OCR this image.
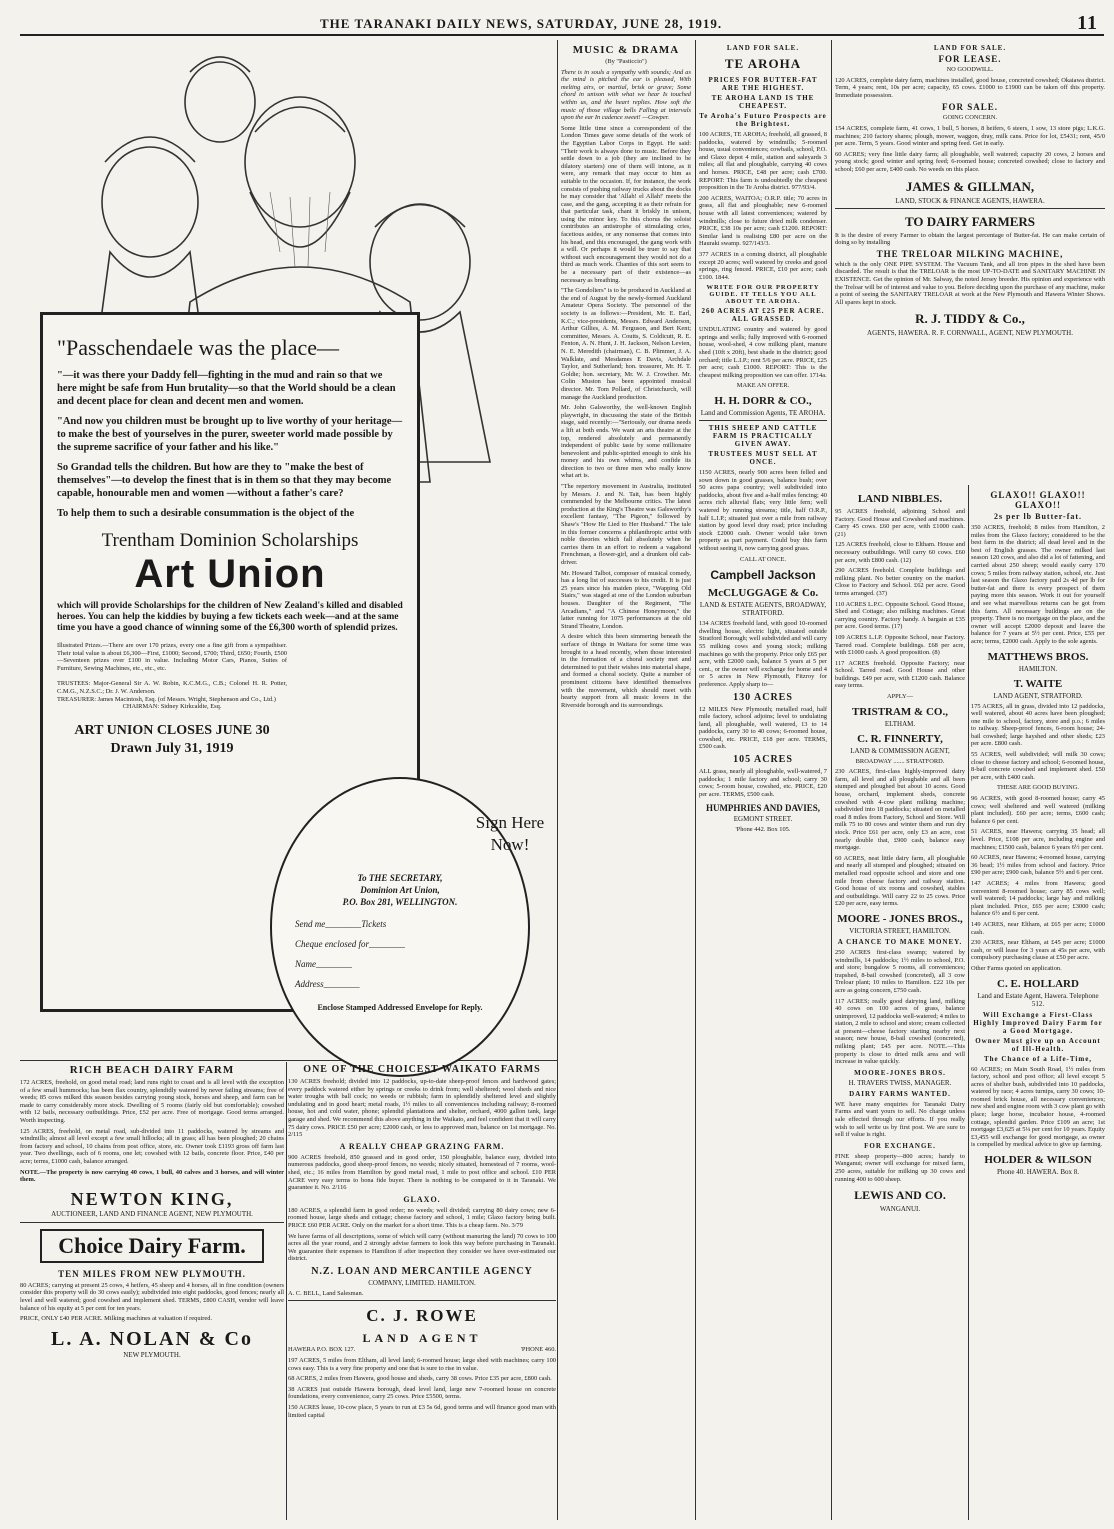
THE TARANAKI DAILY NEWS, SATURDAY, JUNE 28, 1919.	11
"Passchendaele was the place—

"—it was there your Daddy fell—fighting in the mud and rain so that we here might be safe from Hun brutality—so that the World should be a clean and decent place for clean and decent men and women.

"And now you children must be brought up to live worthy of your heritage—to make the best of yourselves in the purer, sweeter world made possible by the supreme sacrifice of your father and his like."

So Grandad tells the children. But how are they to "make the best of themselves"—to develop the finest that is in them so that they may become capable, honourable men and women —without a father's care?

To help them to such a desirable consummation is the object of the

Trentham Dominion Scholarships
Art Union
which will provide Scholarships for the children of New Zealand's killed and disabled heroes. You can help the kiddies by buying a few tickets each week—and at the same time you have a good chance of winning some of the £6,300 worth of splendid prizes.
Illustrated Prizes.—There are over 170 prizes, every one a fine gift from a sympathiser. Their total value is about £6,300—First, £1000; Second, £700; Third, £650; Fourth, £500—Seventeen prizes over £100 in value. Including Motor Cars, Pianos, Suites of Furniture, Sewing Machines, etc., etc., etc.
TRUSTEES: Major-General Sir A. W. Robin, K.C.M.G., C.B.; Colonel H. R. Potter, C.M.G., N.Z.S.C.; Dr. J. W. Anderson.
TREASURER: James Macintosh, Esq. (of Messrs. Wright, Stephenson and Co., Ltd.)
CHAIRMAN: Sidney Kirkcaldie, Esq.
ART UNION CLOSES JUNE 30
Drawn July 31, 1919
To THE SECRETARY,
Dominion Art Union,
P.O. Box 281, WELLINGTON.
Send me________Tickets
Cheque enclosed for________
Name________
Address________
Enclose Stamped Addressed Envelope for Reply.
Sign Here Now!
RICH BEACH DAIRY FARM
172 ACRES, freehold, on good metal road; land runs right to coast and is all level with the exception of a few small hummocks; has been flax country, splendidly watered by never failing streams; free of weeds; 85 cows milked this season besides carrying young stock, horses and sheep, and farm can be made to carry considerably more stock. Dwelling of 5 rooms (fairly old but comfortable); cowshed with 12 bails, necessary outbuildings. Price, £52 per acre. Free of mortgage. Good terms arranged. Worth inspecting.
125 ACRES, freehold, on metal road, sub-divided into 11 paddocks, watered by streams and windmills; almost all level except a few small hillocks; all in grass; all has been ploughed; 20 chains from factory and school, 10 chains from post office, store, etc. Owner took £1193 gross off farm last year. Two dwellings, each of 6 rooms, one let; cowshed with 12 bails, concrete floor. Price, £40 per acre; terms, £1000 cash, balance arranged.
NOTE.—The property is now carrying 40 cows, 1 bull, 40 calves and 3 horses, and will winter them.
NEWTON KING,
AUCTIONEER, LAND AND FINANCE AGENT, NEW PLYMOUTH.
Choice Dairy Farm.
TEN MILES FROM NEW PLYMOUTH.
80 ACRES; carrying at present 25 cows, 4 heifers, 45 sheep and 4 horses, all in fine condition (owners consider this property will do 30 cows easily); subdivided into eight paddocks, good fences; nearly all level and well watered; good cowshed and implement shed. TERMS, £800 CASH, vendor will leave balance of his equity at 5 per cent for ten years.
PRICE, ONLY £40 PER ACRE. Milking machines at valuation if required.
L. A. NOLAN & Co
NEW PLYMOUTH.
ONE OF THE CHOICEST WAIKATO FARMS
130 ACRES freehold; divided into 12 paddocks, up-to-date sheep-proof fences and hardwood gates; every paddock watered either by springs or creeks to drink from; well sheltered; wool sheds and nice water troughs with ball cock; no weeds or rubbish; farm in splendidly sheltered level and slightly undulating and in good heart; metal roads, 1½ miles to all conveniences including railway; 8-roomed house, hot and cold water, phone; splendid plantations and shelter, orchard, 4000 gallon tank, large garage and shed. We recommend this above anything in the Waikato, and feel confident that it will carry 75 dairy cows. PRICE £50 per acre; £2000 cash, or less to approved man, balance on 1st mortgage. No. 2/115
A REALLY CHEAP GRAZING FARM.
900 ACRES freehold, 850 grassed and in good order, 150 ploughable, balance easy, divided into numerous paddocks, good sheep-proof fences, no weeds; nicely situated, homestead of 7 rooms, wool-shed, etc.; 16 miles from Hamilton by good metal road, 1 mile to post office and school. £10 PER ACRE very easy terms to bona fide buyer. There is nothing to be compared to it in Taranaki. We guarantee it. No. 2/116
GLAXO.
180 ACRES, a splendid farm in good order; no weeds; well divided; carrying 80 dairy cows; new 6-roomed house, large sheds and cottage; cheese factory and school, 1 mile; Glaxo factory being built. PRICE £60 PER ACRE. Only on the market for a short time. This is a cheap farm. No. 3/79
We have farms of all descriptions, some of which will carry (without manuring the land) 70 cows to 100 acres all the year round, and 2 strongly advise farmers to look this way before purchasing in Taranaki. We guarantee their expenses to Hamilton if after inspection they consider we have over-estimated our district.
N.Z. LOAN AND MERCANTILE AGENCY
COMPANY, LIMITED. HAMILTON.
A. C. BELL, Land Salesman.
C. J. ROWE
LAND AGENT
HAWERA P.O. BOX 127.	'PHONE 460.
197 ACRES, 5 miles from Eltham, all level land; 6-roomed house; large shed with machines; carry 100 cows easy. This is a very fine property and one that is sure to rise in value.
68 ACRES, 2 miles from Hawera, good house and sheds, carry 38 cows. Price £35 per acre, £800 cash.
38 ACRES just outside Hawera borough, dead level land, large new 7-roomed house on concrete foundations, every convenience, carry 25 cows. Price £5500, terms.
150 ACRES lease, 10-cow place, 5 years to run at £3 5s 6d, good terms and will finance good man with limited capital
MUSIC & DRAMA
(By "Pasticcio")
There is in souls a sympathy with sounds; And as the mind is pitched the ear is pleased, With melting airs, or martial, brisk or grave; Some chord in unison with what we hear Is touched within us, and the heart replies. How soft the music of those village bells Falling at intervals upon the ear In cadence sweet! —Cowper.
Some little time since a correspondent of the London Times gave some details of the work of the Egyptian Labor Corps in Egypt. He said: "Their work is always done to music. Before they settle down to a job (they are inclined to be dilatory starters) one of them will intone, as it were, any remark that may occur to him as suitable to the occasion. If, for instance, the work consists of pushing railway trucks about the docks he may consider that 'Allah! el Allah!' meets the case, and the gang, accepting it as their refrain for that particular task, chant it briskly in unison, using the minor key. To this chorus the soloist contributes an antistrophe of stimulating cries, facetious asides, or any nonsense that comes into his head, and this encouraged, the gang work with a will. Or perhaps it would be truer to say that without such encouragement they would not do a third as much work. Chanties of this sort seem to be a necessary part of their existence—as necessary as breathing.
"The Gondoliers" is to be produced in Auckland at the end of August by the newly-formed Auckland Amateur Opera Society. The personnel of the society is as follows:—President, Mr. E. Earl, K.C.; vice-presidents, Messrs. Edward Anderson, Arthur Gillies, A. M. Ferguson, and Bert Kent; committee, Messrs. A. Coutts, S. Coldicutt, R. E. Fenton, A. N. Hunt, J. H. Jackson, Nelson Levien, N. E. Meredith (chairman), C. B. Plimmer, J. A. Walklate, and Mesdames E Davis, Archdale Taylor, and Sutherland; hon. treasurer, Mr. H. T. Goldie; hon. secretary, Mr. W. J. Crowther. Mr. Colin Muston has been appointed musical director. Mr. Tom Pollard, of Christchurch, will manage the Auckland production.
Mr. John Galsworthy, the well-known English playwright, in discussing the state of the British stage, said recently:—"Seriously, our drama needs a lift at both ends. We want an arts theatre at the top, rendered absolutely and permanently independent of public taste by some millionaire benevolent and public-spirited enough to sink his money and his own whims, and confide its direction to two or three men who really know what art is.
"The repertory movement in Australia, instituted by Messrs. J. and N. Tait, has been highly commended by the Melbourne critics. The latest production at the King's Theatre was Galsworthy's excellent fantasy, "The Pigeon," followed by Shaw's "How He Lied to Her Husband." The tale in this former concerns a philanthropic artist with noble theories which fall absolutely when he carries them in an effort to redeem a vagabond Frenchman, a flower-girl, and a drunken old cab-driver.
Mr. Howard Talbot, composer of musical comedy, has a long list of successes to his credit. It is just 25 years since his maiden piece, "Wapping Old Stairs," was staged at one of the London suburban houses. Daughter of the Regiment, "The Arcadians," and "A Chinese Honeymoon," the latter running for 1075 performances at the old Strand Theatre, London.
A desire which this been simmering beneath the surface of things in Waitara for some time was brought to a head recently, when those interested in the formation of a choral society met and determined to put their wishes into material shape, and formed a choral society. Quite a number of prominent citizens have identified themselves with the movement, which should meet with hearty support from all music lovers in the Riverside borough and its surroundings.
LAND FOR SALE.
TE AROHA
PRICES FOR BUTTER-FAT ARE THE HIGHEST.
TE AROHA LAND IS THE CHEAPEST.
Te Aroha's Futuro Prospects are the Brightest.
100 ACRES, TE AROHA; freehold, all grassed, 8 paddocks, watered by windmills; 5-roomed house, usual conveniences; cowbails, school, P.O. and Glaxo depot 4 mile, station and saleyards 3 miles; all flat and ploughable, carrying 40 cows and horses. PRICE, £48 per acre; cash £700. REPORT: This farm is undoubtedly the cheapest proposition in the Te Aroha district. 977/93/4.
200 ACRES, WAITOA; O.R.P. title; 70 acres in grass, all flat and ploughable; new 6-roomed house with all latest conveniences; watered by windmills; close to future dried milk condenser. PRICE, £38 10s per acre; cash £1200. REPORT: Similar land is realising £80 per acre on the Hauraki swamp. 927/143/3.
377 ACRES in a coming district, all ploughable except 20 acres; well watered by creeks and good springs, ring fenced. PRICE, £10 per acre; cash £100. 1844.
WRITE FOR OUR PROPERTY GUIDE. IT TELLS YOU ALL ABOUT TE AROHA.
260 ACRES AT £25 PER ACRE. ALL GRASSED.
UNDULATING country and watered by good springs and wells; fully improved with 6-roomed house, wool-shed, 4 cow milking plant, manure shed (10ft x 20ft), best shade in the district; good orchard; title L.I.P.; rent 5/6 per acre. PRICE, £25 per acre; cash £1000. REPORT: This is the cheapest milking proposition we can offer. 1714a.
MAKE AN OFFER.
H. H. DORR & CO.,
Land and Commission Agents, TE AROHA.
THIS SHEEP AND CATTLE FARM IS PRACTICALLY GIVEN AWAY.
TRUSTEES MUST SELL AT ONCE.
1150 ACRES, nearly 900 acres been felled and sown down in good grasses, balance bush; over 50 acres papa country; well subdivided into paddocks, about five and a-half miles fencing; 40 acres rich alluvial flats; very little fern; well watered by running streams; title, half O.R.P., half L.I.P.; situated just over a mile from railway station by good level dray road; price including stock £2000 cash. Owner would take town property as part payment. Could buy this farm without seeing it, now carrying good grass.
CALL AT ONCE.
Campbell Jackson
McCLUGGAGE & Co.
LAND & ESTATE AGENTS, BROADWAY, STRATFORD.
134 ACRES freehold land, with good 10-roomed dwelling house, electric light, situated outside Stratford Borough; well subdivided and will carry 55 milking cows and young stock; milking machines go with the property. Price only £65 per acre, with £2000 cash, balance 5 years at 5 per cent., or the owner will exchange for home and 4 or 5 acres in New Plymouth, Fitzroy for preference. Apply sharp to—
130 ACRES
12 MILES New Plymouth; metalled road, half mile factory, school adjoins; level to undulating land, all ploughable, well watered, 13 to 14 paddocks, carry 30 to 40 cows; 6-roomed house, cowshed, etc. PRICE, £18 per acre. TERMS, £500 cash.
105 ACRES
ALL grass, nearly all ploughable, well-watered, 7 paddocks; 1 mile factory and school; carry 30 cows; 5-room house, cowshed, etc. PRICE, £20 per acre. TERMS, £500 cash.
HUMPHRIES AND DAVIES,
EGMONT STREET.
'Phone 442. Box 105.
LAND FOR SALE.
FOR LEASE.
NO GOODWILL.
120 ACRES, complete dairy farm, machines installed, good house, concreted cowshed; Okaiawa district. Term, 4 years; rent, 10s per acre; capacity, 65 cows. £1000 to £1900 can be taken off this property. Immediate possession.
FOR SALE.
GOING CONCERN.
154 ACRES, complete farm, 41 cows, 1 bull, 5 horses, 8 heifers, 6 steers, 1 sow, 13 store pigs; L.K.G. machines; 210 factory shares; plough, mower, waggon, dray, milk cans. Price for lot, £5431; rent, 45/0 per acre. Term, 5 years. Good winter and spring feed. Get in early.
60 ACRES; very fine little dairy farm; all ploughable, well watered; capacity 20 cows, 2 horses and young stock; good winter and spring feed; 6-roomed house; concreted cowshed; close to factory and school; £60 per acre, £400 cash. No weeds on this place.
JAMES & GILLMAN,
LAND, STOCK & FINANCE AGENTS, HAWERA.
TO DAIRY FARMERS
It is the desire of every Farmer to obtain the largest percentage of Butter-fat. He can make certain of doing so by installing
THE TRELOAR MILKING MACHINE,
which is the only ONE PIPE SYSTEM. The Vacuum Tank, and all iron pipes in the shed have been discarded. The result is that the TRELOAR is the most UP-TO-DATE and SANITARY MACHINE IN EXISTENCE. Get the opinion of Mr. Salway, the noted Jersey breeder. His opinion and experience with the Treloar will be of interest and value to you. Before deciding upon the purchase of any machine, make a point of seeing the SANITARY TRELOAR at work at the New Plymouth and Hawera Winter Shows. All spares kept in stock.
R. J. TIDDY & Co.,
AGENTS, HAWERA. R. F. CORNWALL, AGENT, NEW PLYMOUTH.
LAND NIBBLES.
95 ACRES freehold, adjoining School and Factory. Good House and Cowshed and machines. Carry 45 cows. £60 per acre, with £1000 cash. (21)
125 ACRES freehold, close to Eltham. House and necessary outbuildings. Will carry 60 cows. £60 per acre, with £800 cash. (12)
290 ACRES freehold. Complete buildings and milking plant. No better country on the market. Close to Factory and School. £62 per acre. Good terms arranged. (37)
110 ACRES L.P.C. Opposite School. Good House, Shed and Cottage; also milking machines. Great carrying country. Factory handy. A bargain at £35 per acre. Good terms. (17)
109 ACRES L.I.P. Opposite School, near Factory. Tarred road. Complete buildings. £68 per acre, with £1000 cash. A good proposition. (8)
117 ACRES freehold. Opposite Factory; near School. Tarred road. Good House and other buildings. £49 per acre, with £1200 cash. Balance easy terms.
APPLY—
TRISTRAM & CO.,
ELTHAM.
C. R. FINNERTY,
LAND & COMMISSION AGENT,
BROADWAY ....... STRATFORD.
230 ACRES, first-class highly-improved dairy farm, all level and all ploughable and all been stumped and ploughed but about 10 acres. Good house, orchard, implement sheds, concrete cowshed with 4-cow plant milking machine; subdivided into 18 paddocks; situated on metalled road 8 miles from Factory, School and Store. Will milk 75 to 80 cows and winter them and run dry stock. Price £61 per acre, only £3 an acre, cost nearly double that, £900 cash, balance easy mortgage.
60 ACRES, neat little dairy farm, all ploughable and nearly all stumped and ploughed; situated on metalled road opposite school and store and one mile from cheese factory and railway station. Good house of six rooms and cowshed, stables and outbuildings. Will carry 22 to 25 cows. Price £20 per acre, easy terms.
MOORE - JONES BROS.,
VICTORIA STREET, HAMILTON.
A CHANCE TO MAKE MONEY.
250 ACRES first-class swamp; watered by windmills, 14 paddocks; 1½ miles to school, P.O. and store; bungalow 5 rooms, all conveniences; trapshed, 8-bail cowshed (concreted), all 3 cow Treloar plant; 10 miles to Hamilton. £22 10s per acre as going concern, £750 cash.
117 ACRES; really good dairying land, milking 40 cows on 100 acres of grass, balance unimproved, 12 paddocks well-watered; 4 miles to station, 2 mile to school and store; cream collected at present—cheese factory starting nearby next season; new house, 8-bail cowshed (concreted), milking plant; £45 per acre. NOTE.—This property is close to dried milk area and will increase in value quickly.
MOORE-JONES BROS.
H. TRAVERS TWISS, MANAGER.
DAIRY FARMS WANTED.
WE have many enquiries for Taranaki Dairy Farms and want yours to sell. No charge unless sale effected through our efforts. If you really wish to sell write us by first post. We are sure to sell if value is right.
FOR EXCHANGE.
FINE sheep property—800 acres; handy to Wanganui; owner will exchange for mixed farm, 250 acres, suitable for milking up 30 cows and running 400 to 600 sheep.
LEWIS AND CO.
WANGANUI.
GLAXO!! GLAXO!! GLAXO!!
2s per lb Butter-fat.
350 ACRES, freehold; 8 miles from Hamilton, 2 miles from the Glaxo factory; considered to be the best farm in the district; all dead level and in the best of English grasses. The owner milked last season 120 cows, and also did a lot of fattening, and carried about 250 sheep; would easily carry 170 cows; 5 miles from railway station, school, etc. Just last season the Glaxo factory paid 2s 4d per lb for butter-fat and there is every prospect of them paying more this season. Work it out for yourself and see what marvellous returns can be got from this farm. All necessary buildings are on the property. There is no mortgage on the place, and the owner will accept £2000 deposit and leave the balance for 7 years at 5½ per cent. Price, £55 per acre; terms, £2000 cash. Apply to the sole agents.
MATTHEWS BROS.
HAMILTON.
T. WAITE
LAND AGENT, STRATFORD.
175 ACRES, all in grass, divided into 12 paddocks, well watered, about 40 acres have been ploughed; one mile to school, factory, store and p.o.; 6 miles to railway. Sheep-proof fences, 6-room house; 24-bail cowshed; large hayshed and other sheds; £23 per acre. £800 cash.
55 ACRES, well subdivided; will milk 30 cows; close to cheese factory and school; 6-roomed house, 8-bail concrete cowshed and implement shed. £50 per acre, with £400 cash.
THESE ARE GOOD BUYING.
96 ACRES, with good 8-roomed house; carry 45 cows; well sheltered and well watered (milking plant included). £60 per acre; terms, £600 cash; balance 6 per cent.
51 ACRES, near Hawera; carrying 35 head; all level. Price, £108 per acre, including engine and machines; £1500 cash, balance 6 years 6½ per cent.
60 ACRES, near Hawera; 4-roomed house, carrying 36 head; 1½ miles from school and factory. Price £90 per acre; £900 cash, balance 5½ and 6 per cent.
147 ACRES; 4 miles from Hawera; good convenient 8-roomed house; carry 85 cows well; well watered; 14 paddocks; large hay and milking plant included. Price, £65 per acre; £3000 cash; balance 6½ and 6 per cent.
149 ACRES, near Eltham, at £65 per acre; £1000 cash.
230 ACRES, near Eltham, at £45 per acre; £1000 cash, or will lease for 3 years at 45s per acre, with compulsory purchasing clause at £50 per acre.
Other Farms quoted on application.
C. E. HOLLARD
Land and Estate Agent, Hawera. Telephone 512.
Will Exchange a First-Class Highly Improved Dairy Farm for a Good Mortgage.
Owner Must give up on Account of Ill-Health.
The Chance of a Life-Time,
60 ACRES; on Main South Road, 1½ miles from factory, school and post office; all level except 5 acres of shelter bush, subdivided into 10 paddocks, watered by race; 4 acres turnips, carry 30 cows; 10-roomed brick house, all necessary conveniences; new shed and engine room with 3 cow plant go with place; large horse, incubator house, 4-roomed cottage, splendid garden. Price £109 an acre; 1st mortgage £3,625 at 5¼ per cent for 10 years. Equity £3,455 will exchange for good mortgage, as owner is compelled by medical advice to give up farming.
HOLDER & WILSON
Phone 40. HAWERA. Box 8.
